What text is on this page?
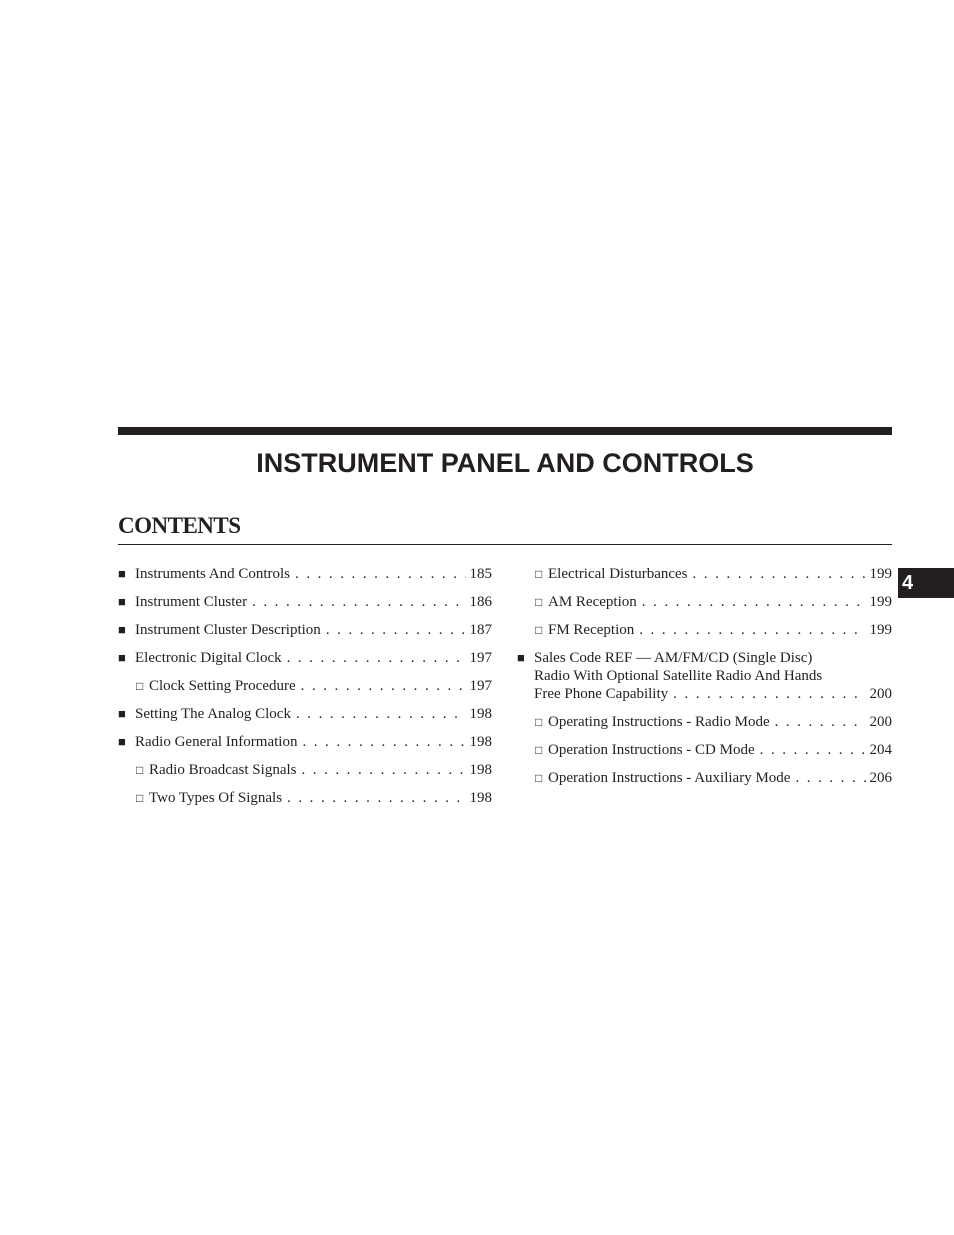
INSTRUMENT PANEL AND CONTROLS
CONTENTS
4
■ Instruments And Controls . . .	185
■ Instrument Cluster . . .	186
■ Instrument Cluster Description . . .	187
■ Electronic Digital Clock . . .	197
□ Clock Setting Procedure . . .	197
■ Setting The Analog Clock . . .	198
■ Radio General Information . . .	198
□ Radio Broadcast Signals . . .	198
□ Two Types Of Signals . . .	198
□ Electrical Disturbances . . .	199
□ AM Reception . . .	199
□ FM Reception . . .	199
■ Sales Code REF — AM/FM/CD (Single Disc)
Radio With Optional Satellite Radio And Hands
Free Phone Capability . . .	200
□ Operating Instructions - Radio Mode . . .	200
□ Operation Instructions - CD Mode . . .	204
□ Operation Instructions - Auxiliary Mode . . .	206
